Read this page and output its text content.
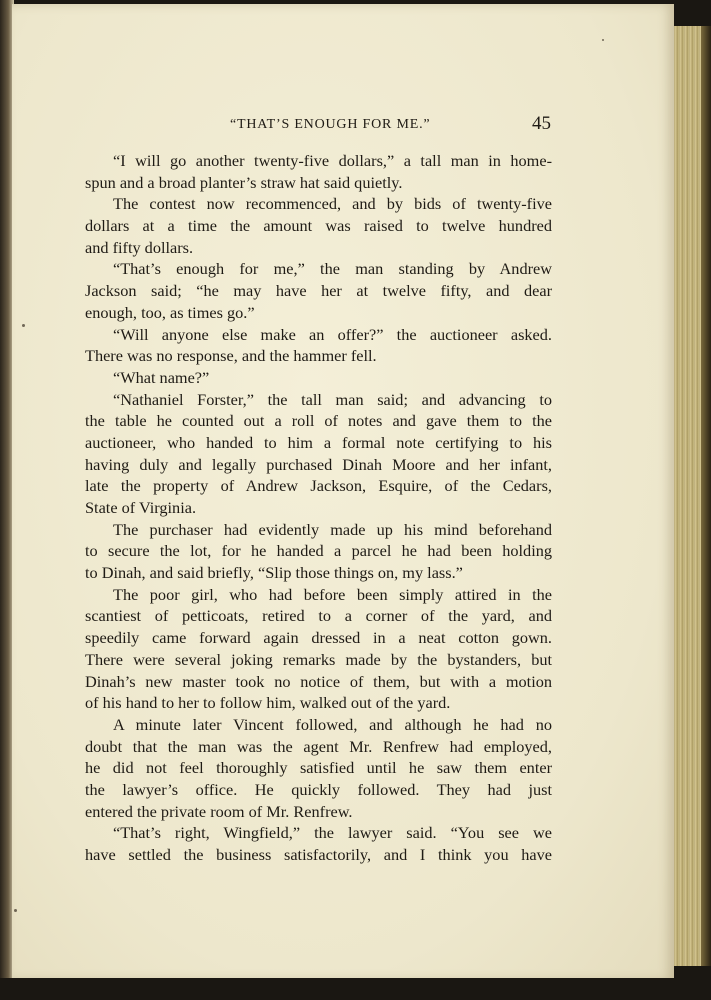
“THAT’S ENOUGH FOR ME.”	45
“I will go another twenty-five dollars,” a tall man in home-
spun and a broad planter’s straw hat said quietly.
The contest now recommenced, and by bids of twenty-five
dollars at a time the amount was raised to twelve hundred
and fifty dollars.
“That’s enough for me,” the man standing by Andrew
Jackson said; “he may have her at twelve fifty, and dear
enough, too, as times go.”
“Will anyone else make an offer?” the auctioneer asked.
There was no response, and the hammer fell.
“What name?”
“Nathaniel Forster,” the tall man said; and advancing to
the table he counted out a roll of notes and gave them to the
auctioneer, who handed to him a formal note certifying to his
having duly and legally purchased Dinah Moore and her infant,
late the property of Andrew Jackson, Esquire, of the Cedars,
State of Virginia.
The purchaser had evidently made up his mind beforehand
to secure the lot, for he handed a parcel he had been holding
to Dinah, and said briefly, “Slip those things on, my lass.”
The poor girl, who had before been simply attired in the
scantiest of petticoats, retired to a corner of the yard, and
speedily came forward again dressed in a neat cotton gown.
There were several joking remarks made by the bystanders, but
Dinah’s new master took no notice of them, but with a motion
of his hand to her to follow him, walked out of the yard.
A minute later Vincent followed, and although he had no
doubt that the man was the agent Mr. Renfrew had employed,
he did not feel thoroughly satisfied until he saw them enter
the lawyer’s office. He quickly followed. They had just
entered the private room of Mr. Renfrew.
“That’s right, Wingfield,” the lawyer said. “You see we
have settled the business satisfactorily, and I think you have
